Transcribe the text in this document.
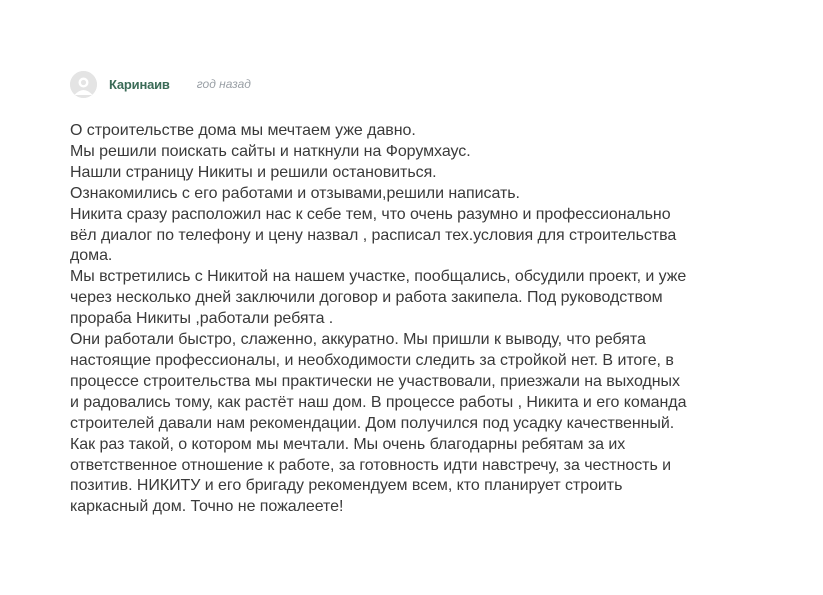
Каринаив год назад
О строительстве дома мы мечтаем уже давно.
Мы решили поискать сайты и наткнули на Форумхаус.
Нашли страницу Никиты и решили остановиться.
Ознакомились с его работами и отзывами,решили написать.
Никита сразу расположил нас к себе тем, что очень разумно и профессионально
вёл диалог по телефону и цену назвал , расписал тех.условия для строительства
дома.
Мы встретились с Никитой на нашем участке, пообщались, обсудили проект, и уже
через несколько дней заключили договор и работа закипела. Под руководством
прораба Никиты ,работали ребята .
Они работали быстро, слаженно, аккуратно. Мы пришли к выводу, что ребята
настоящие профессионалы, и необходимости следить за стройкой нет. В итоге, в
процессе строительства мы практически не участвовали, приезжали на выходных
и радовались тому, как растёт наш дом. В процессе работы , Никита и его команда
строителей давали нам рекомендации. Дом получился под усадку качественный.
Как раз такой, о котором мы мечтали. Мы очень благодарны ребятам за их
ответственное отношение к работе, за готовность идти навстречу, за честность и
позитив. НИКИТУ и его бригаду рекомендуем всем, кто планирует строить
каркасный дом. Точно не пожалеете!
